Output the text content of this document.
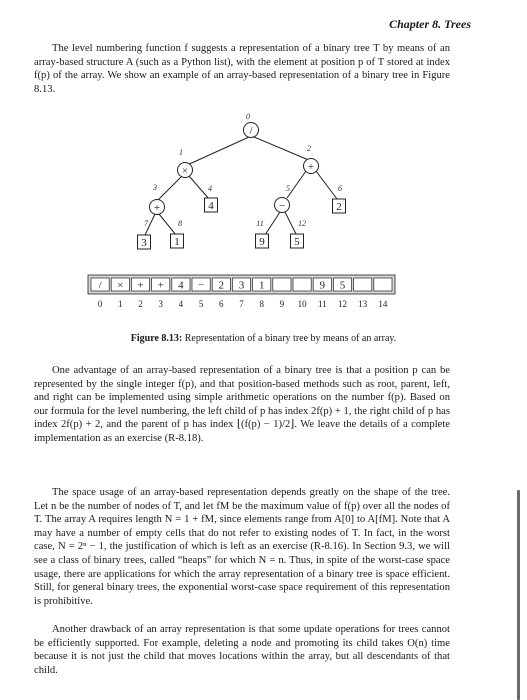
Chapter 8. Trees

The level numbering function f suggests a representation of a binary tree T by means of an array-based structure A (such as a Python list), with the element at position p of T stored at index f(p) of the array. We show an example of an array-based representation of a binary tree in Figure 8.13.

/
0
×
1
+
2
+
3
4
4
−
5
2
6
3
7
1
8
9
11
5
12
/
0
×
1
+
2
+
3
4
4
−
5
2
6
3
7
1
8 9 10
9
11
5
12 13 14
Figure 8.13: Representation of a binary tree by means of an array.

One advantage of an array-based representation of a binary tree is that a position p can be represented by the single integer f(p), and that position-based methods such as root, parent, left, and right can be implemented using simple arithmetic operations on the number f(p). Based on our formula for the level numbering, the left child of p has index 2f(p) + 1, the right child of p has index 2f(p) + 2, and the parent of p has index ⌊(f(p) − 1)/2⌋. We leave the details of a complete implementation as an exercise (R-8.18).

The space usage of an array-based representation depends greatly on the shape of the tree. Let n be the number of nodes of T, and let fM be the maximum value of f(p) over all the nodes of T. The array A requires length N = 1 + fM, since elements range from A[0] to A[fM]. Note that A may have a number of empty cells that do not refer to existing nodes of T. In fact, in the worst case, N = 2ⁿ − 1, the justification of which is left as an exercise (R-8.16). In Section 9.3, we will see a class of binary trees, called “heaps” for which N = n. Thus, in spite of the worst-case space usage, there are applications for which the array representation of a binary tree is space efficient. Still, for general binary trees, the exponential worst-case space requirement of this representation is prohibitive.

Another drawback of an array representation is that some update operations for trees cannot be efficiently supported. For example, deleting a node and promoting its child takes O(n) time because it is not just the child that moves locations within the array, but all descendants of that child.
